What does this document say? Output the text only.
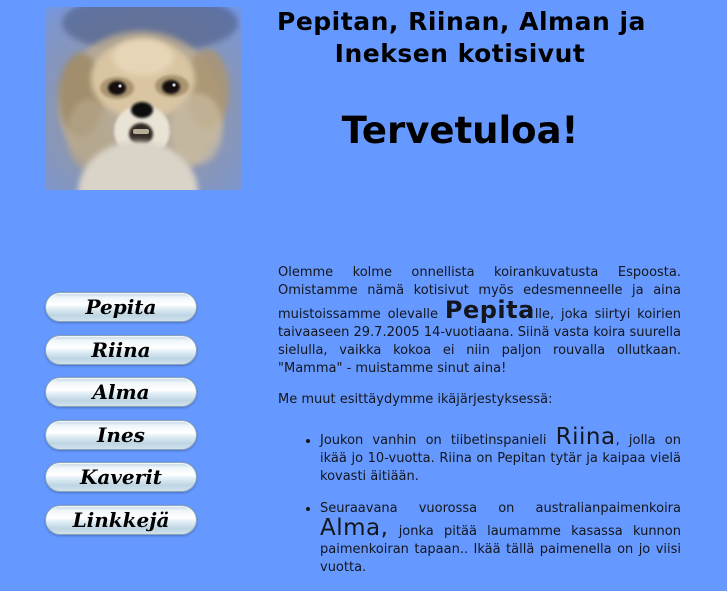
Pepitan, Riinan, Alman ja
Ineksen kotisivut
Tervetuloa!
Pepita
Riina
Alma
Ines
Kaverit
Linkkejä

Olemme kolme onnellista koirankuvatusta Espoosta. Omistamme nämä kotisivut myös edesmenneelle ja aina muistoissamme olevalle Pepitalle, joka siirtyi koirien taivaaseen 29.7.2005 14-vuotiaana. Siinä vasta koira suurella sielulla, vaikka kokoa ei niin paljon rouvalla ollutkaan. "Mamma" - muistamme sinut aina!

Me muut esittäydymme ikäjärjestyksessä:

• Joukon vanhin on tiibetinspanieli Riina, jolla on ikää jo 10-vuotta. Riina on Pepitan tytär ja kaipaa vielä kovasti äitiään.
• Seuraavana vuorossa on australianpaimenkoira Alma, jonka pitää laumamme kasassa kunnon paimenkoiran tapaan.. Ikää tällä paimenella on jo viisi vuotta.
